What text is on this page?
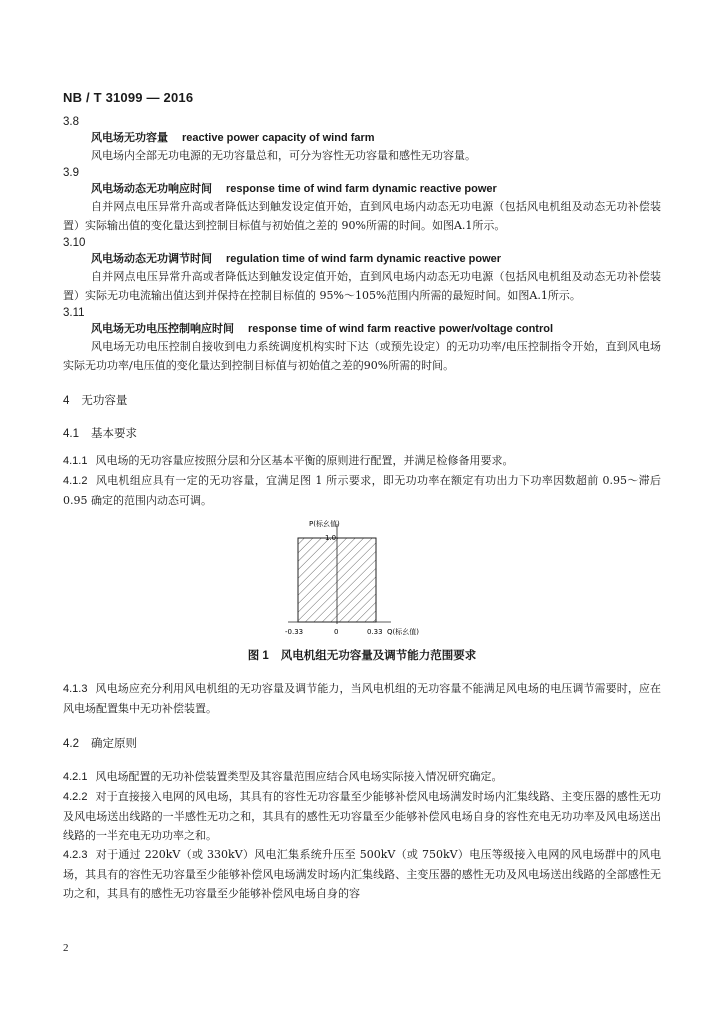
NB / T 31099 — 2016

3.8

风电场无功容量 reactive power capacity of wind farm

风电场内全部无功电源的无功容量总和，可分为容性无功容量和感性无功容量。

3.9

风电场动态无功响应时间 response time of wind farm dynamic reactive power

自并网点电压异常升高或者降低达到触发设定值开始，直到风电场内动态无功电源（包括风电机组及动态无功补偿装置）实际输出值的变化量达到控制目标值与初始值之差的 90%所需的时间。如图A.1所示。

3.10

风电场动态无功调节时间 regulation time of wind farm dynamic reactive power

自并网点电压异常升高或者降低达到触发设定值开始，直到风电场内动态无功电源（包括风电机组及动态无功补偿装置）实际无功电流输出值达到并保持在控制目标值的 95%～105%范围内所需的最短时间。如图A.1所示。

3.11

风电场无功电压控制响应时间 response time of wind farm reactive power/voltage control

风电场无功电压控制自接收到电力系统调度机构实时下达（或预先设定）的无功功率/电压控制指令开始，直到风电场实际无功功率/电压值的变化量达到控制目标值与初始值之差的90%所需的时间。

4 无功容量

4.1 基本要求

4.1.1 风电场的无功容量应按照分层和分区基本平衡的原则进行配置，并满足检修备用要求。

4.1.2 风电机组应具有一定的无功容量，宜满足图 1 所示要求，即无功功率在额定有功出力下功率因数超前 0.95～滞后 0.95 确定的范围内动态可调。

P(标幺值)
1.0
-0.33	0	0.33 Q(标幺值)

图 1 风电机组无功容量及调节能力范围要求

4.1.3 风电场应充分利用风电机组的无功容量及调节能力，当风电机组的无功容量不能满足风电场的电压调节需要时，应在风电场配置集中无功补偿装置。

4.2 确定原则

4.2.1 风电场配置的无功补偿装置类型及其容量范围应结合风电场实际接入情况研究确定。

4.2.2 对于直接接入电网的风电场，其具有的容性无功容量至少能够补偿风电场满发时场内汇集线路、主变压器的感性无功及风电场送出线路的一半感性无功之和，其具有的感性无功容量至少能够补偿风电场自身的容性充电无功功率及风电场送出线路的一半充电无功功率之和。

4.2.3 对于通过 220kV（或 330kV）风电汇集系统升压至 500kV（或 750kV）电压等级接入电网的风电场群中的风电场，其具有的容性无功容量至少能够补偿风电场满发时场内汇集线路、主变压器的感性无功及风电场送出线路的全部感性无功之和，其具有的感性无功容量至少能够补偿风电场自身的容

2
